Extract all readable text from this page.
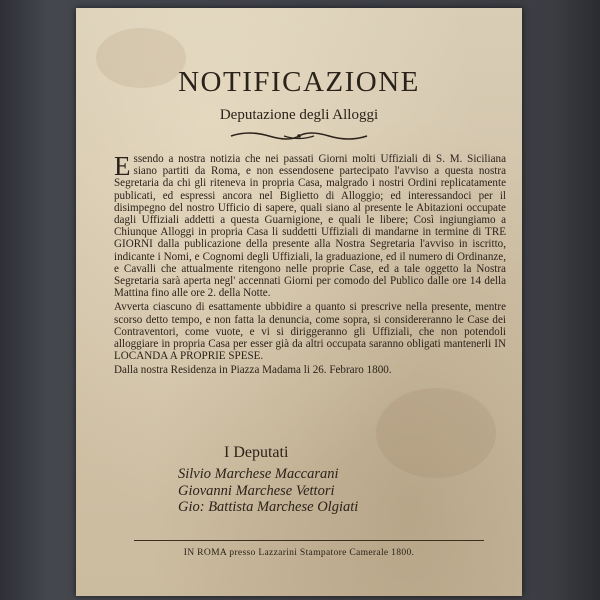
NOTIFICAZIONE
Deputazione degli Alloggi

Essendo a nostra notizia che nei passati Giorni molti Uffiziali di S. M. Siciliana siano partiti da Roma, e non essendosene partecipato l'avviso a questa nostra Segretaria da chi gli riteneva in propria Casa, malgrado i nostri Ordini replicatamente publicati, ed espressi ancora nel Biglietto di Alloggio; ed interessandoci per il disimpegno del nostro Ufficio di sapere, quali siano al presente le Abitazioni occupate dagli Uffiziali addetti a questa Guarnigione, e quali le libere; Così ingiungiamo a Chiunque Alloggi in propria Casa li suddetti Uffiziali di mandarne in termine di TRE GIORNI dalla publicazione della presente alla Nostra Segretaria l'avviso in iscritto, indicante i Nomi, e Cognomi degli Uffiziali, la graduazione, ed il numero di Ordinanze, e Cavalli che attualmente ritengono nelle proprie Case, ed a tale oggetto la Nostra Segretaria sarà aperta negl' accennati Giorni per comodo del Publico dalle ore 14 della Mattina fino alle ore 2. della Notte.

Avverta ciascuno di esattamente ubbidire a quanto si prescrive nella presente, mentre scorso detto tempo, e non fatta la denuncia, come sopra, si considereranno le Case dei Contraventori, come vuote, e vi si diriggeranno gli Uffiziali, che non potendoli alloggiare in propria Casa per esser già da altri occupata saranno obligati mantenerli IN LOCANDA A PROPRIE SPESE.

Dalla nostra Residenza in Piazza Madama li 26. Febraro 1800.

I Deputati
Silvio Marchese Maccarani
Giovanni Marchese Vettori
Gio: Battista Marchese Olgiati
IN ROMA presso Lazzarini Stampatore Camerale 1800.
